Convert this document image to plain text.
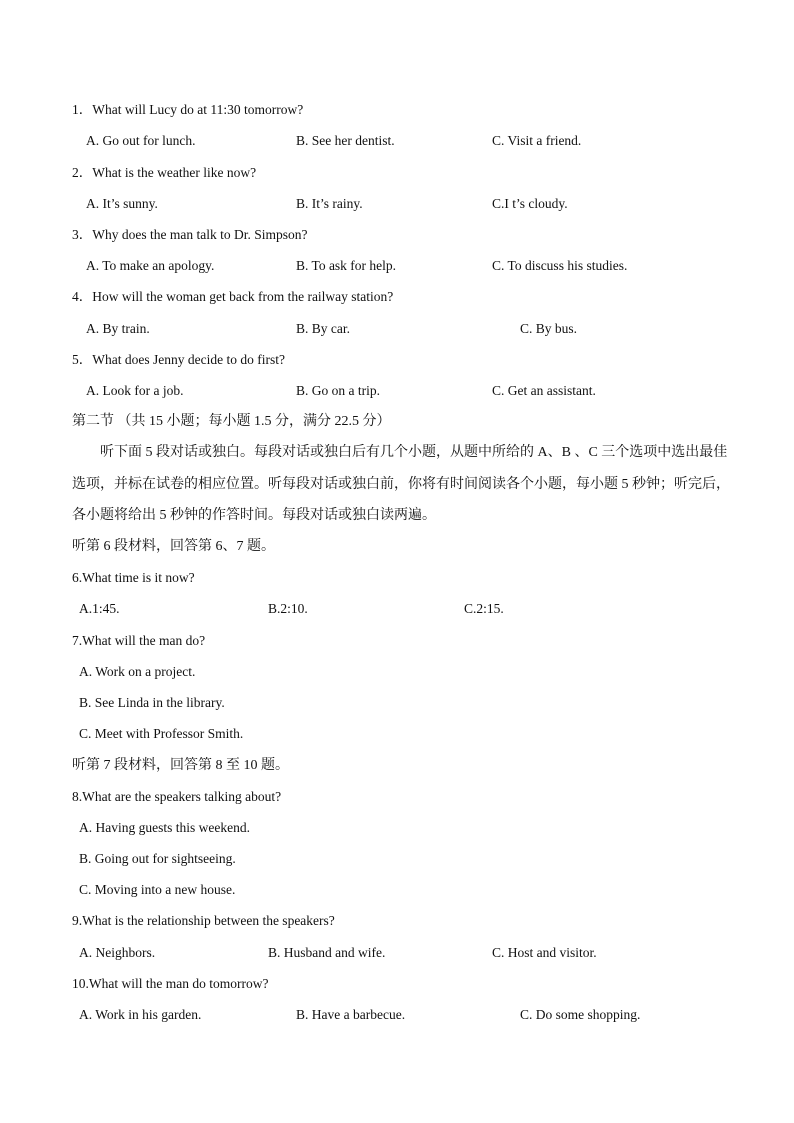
1．What will Lucy do at 11:30 tomorrow?
A. Go out for lunch.	B. See her dentist.	C. Visit a friend.
2．What is the weather like now?
A. It’s sunny.	B. It’s rainy.	C.I t’s cloudy.
3．Why does the man talk to Dr. Simpson?
A. To make an apology.	B. To ask for help.	C. To discuss his studies.
4．How will the woman get back from the railway station?
A. By train.	B. By car.	C. By bus.
5．What does Jenny decide to do first?
A. Look for a job.	B. Go on a trip.	C. Get an assistant.
第二节 （共 15 小题；每小题 1.5 分，满分 22.5 分）
听下面 5 段对话或独白。每段对话或独白后有几个小题，从题中所给的 A、B 、C 三个选项中选出最佳
选项，并标在试卷的相应位置。听每段对话或独白前，你将有时间阅读各个小题，每小题 5 秒钟；听完后，
各小题将给出 5 秒钟的作答时间。每段对话或独白读两遍。
听第 6 段材料，回答第 6、7 题。
6.What time is it now?
A.1:45.	B.2:10.	C.2:15.
7.What will the man do?
A. Work on a project.
B. See Linda in the library.
C. Meet with Professor Smith.
听第 7 段材料，回答第 8 至 10 题。
8.What are the speakers talking about?
A. Having guests this weekend.
B. Going out for sightseeing.
C. Moving into a new house.
9.What is the relationship between the speakers?
A. Neighbors.	B. Husband and wife.	C. Host and visitor.
10.What will the man do tomorrow?
A. Work in his garden.	B. Have a barbecue.	C. Do some shopping.
